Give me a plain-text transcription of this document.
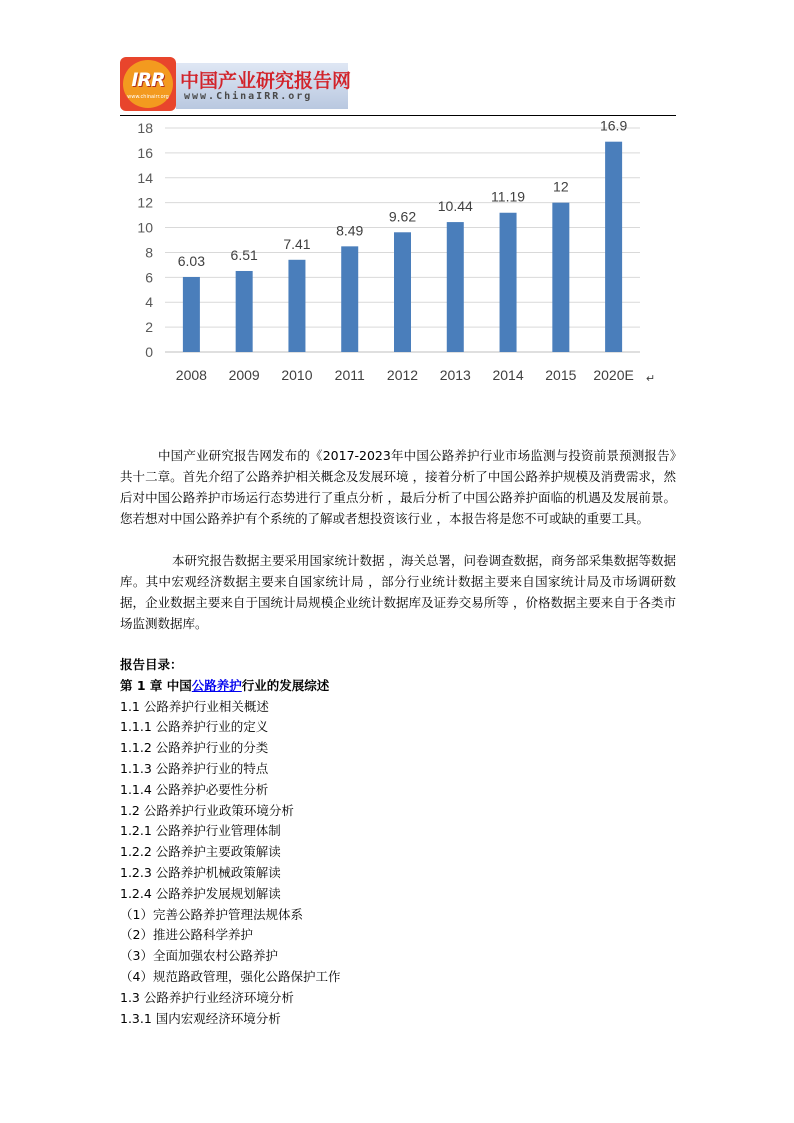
IRR
www.chinairr.org
中国产业研究报告网
www.ChinaIRR.org
0
2
4
6
8
10
12
14
16
18
6.03
2008
6.51
2009
7.41
2010
8.49
2011
9.62
2012
10.44
2013
11.19
2014
12
2015
16.9
2020E ↵

中国产业研究报告网发布的《2017-2023年中国公路养护行业市场监测与投资前景预测报告》共十二章。首先介绍了公路养护相关概念及发展环境 ，接着分析了中国公路养护规模及消费需求，然后对中国公路养护市场运行态势进行了重点分析 ，最后分析了中国公路养护面临的机遇及发展前景。您若想对中国公路养护有个系统的了解或者想投资该行业 ，本报告将是您不可或缺的重要工具。

本研究报告数据主要采用国家统计数据 ，海关总署，问卷调查数据，商务部采集数据等数据库。其中宏观经济数据主要来自国家统计局 ，部分行业统计数据主要来自国家统计局及市场调研数据，企业数据主要来自于国统计局规模企业统计数据库及证券交易所等 ，价格数据主要来自于各类市场监测数据库。

报告目录：
第 1 章 中国公路养护行业的发展综述
1.1 公路养护行业相关概述
1.1.1 公路养护行业的定义
1.1.2 公路养护行业的分类
1.1.3 公路养护行业的特点
1.1.4 公路养护必要性分析
1.2 公路养护行业政策环境分析
1.2.1 公路养护行业管理体制
1.2.2 公路养护主要政策解读
1.2.3 公路养护机械政策解读
1.2.4 公路养护发展规划解读
（1）完善公路养护管理法规体系
（2）推进公路科学养护
（3）全面加强农村公路养护
（4）规范路政管理，强化公路保护工作
1.3 公路养护行业经济环境分析
1.3.1 国内宏观经济环境分析
